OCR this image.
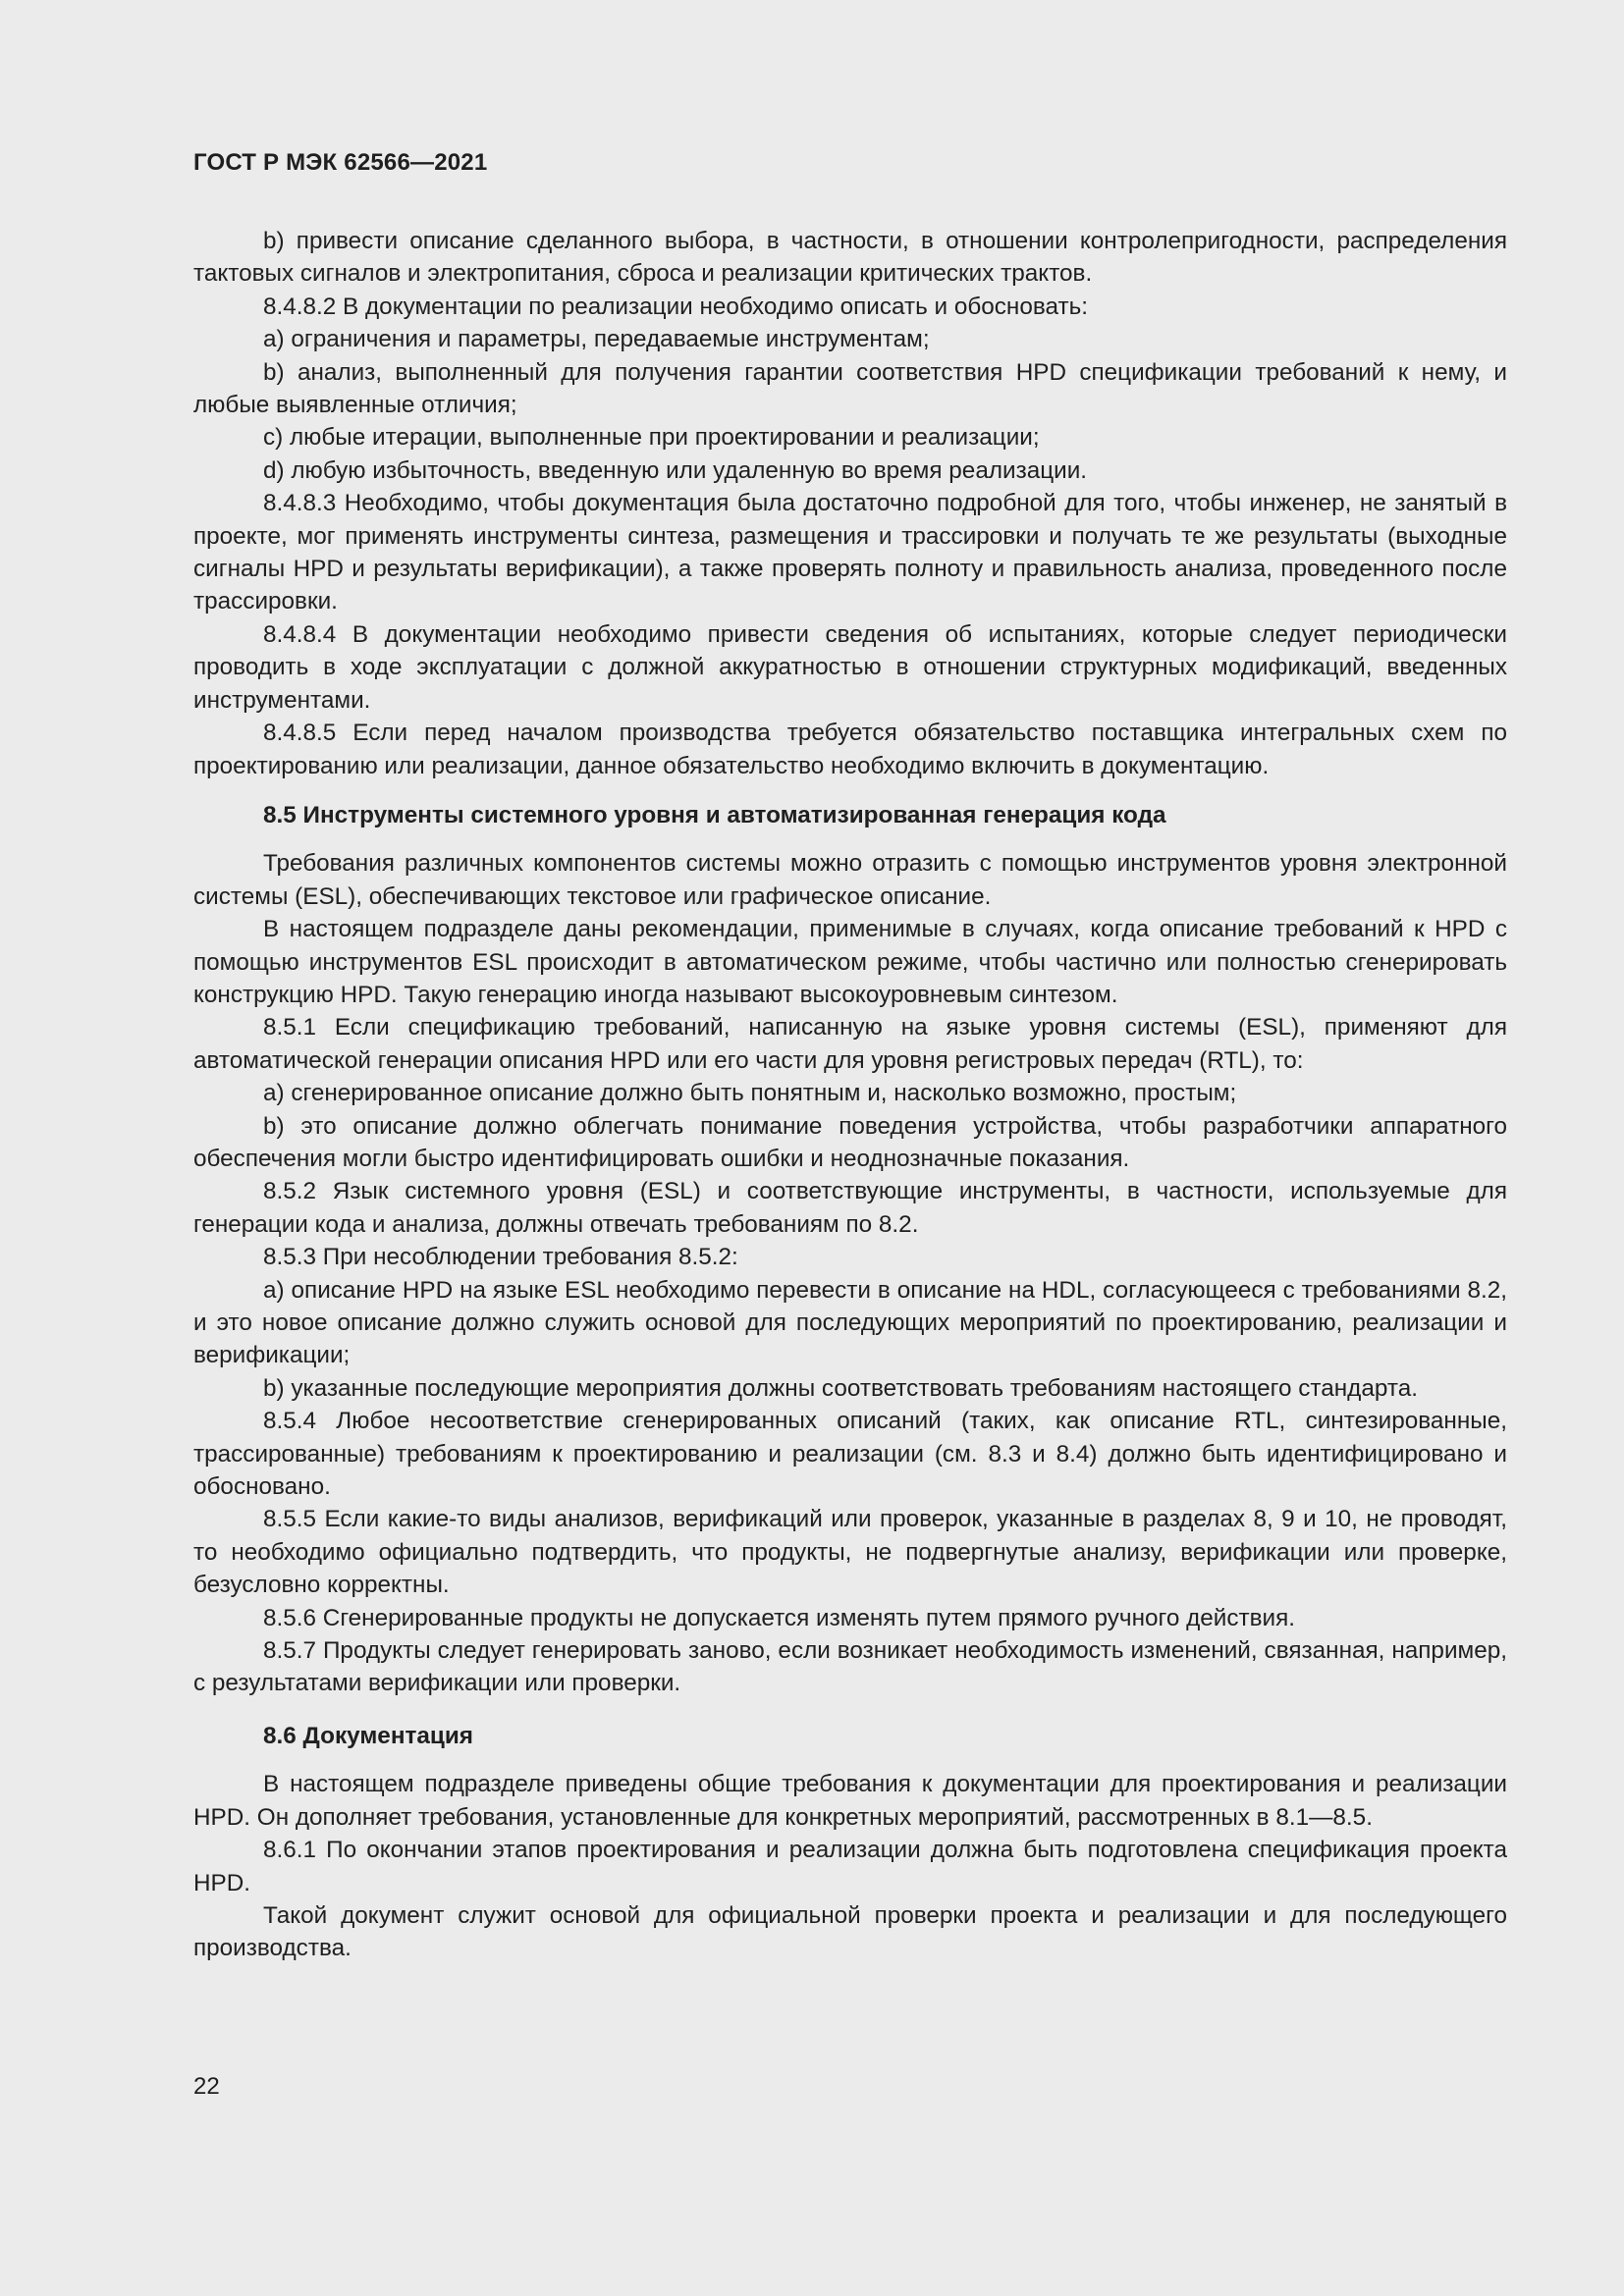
ГОСТ Р МЭК 62566—2021

b) привести описание сделанного выбора, в частности, в отношении контролепригодности, распределения тактовых сигналов и электропитания, сброса и реализации критических трактов.

8.4.8.2 В документации по реализации необходимо описать и обосновать:

a) ограничения и параметры, передаваемые инструментам;

b) анализ, выполненный для получения гарантии соответствия HPD спецификации требований к нему, и любые выявленные отличия;

c) любые итерации, выполненные при проектировании и реализации;

d) любую избыточность, введенную или удаленную во время реализации.

8.4.8.3 Необходимо, чтобы документация была достаточно подробной для того, чтобы инженер, не занятый в проекте, мог применять инструменты синтеза, размещения и трассировки и получать те же результаты (выходные сигналы HPD и результаты верификации), а также проверять полноту и правильность анализа, проведенного после трассировки.

8.4.8.4 В документации необходимо привести сведения об испытаниях, которые следует периодически проводить в ходе эксплуатации с должной аккуратностью в отношении структурных модификаций, введенных инструментами.

8.4.8.5 Если перед началом производства требуется обязательство поставщика интегральных схем по проектированию или реализации, данное обязательство необходимо включить в документацию.

8.5 Инструменты системного уровня и автоматизированная генерация кода

Требования различных компонентов системы можно отразить с помощью инструментов уровня электронной системы (ESL), обеспечивающих текстовое или графическое описание.

В настоящем подразделе даны рекомендации, применимые в случаях, когда описание требований к HPD с помощью инструментов ESL происходит в автоматическом режиме, чтобы частично или полностью сгенерировать конструкцию HPD. Такую генерацию иногда называют высокоуровневым синтезом.

8.5.1 Если спецификацию требований, написанную на языке уровня системы (ESL), применяют для автоматической генерации описания HPD или его части для уровня регистровых передач (RTL), то:

a) сгенерированное описание должно быть понятным и, насколько возможно, простым;

b) это описание должно облегчать понимание поведения устройства, чтобы разработчики аппаратного обеспечения могли быстро идентифицировать ошибки и неоднозначные показания.

8.5.2 Язык системного уровня (ESL) и соответствующие инструменты, в частности, используемые для генерации кода и анализа, должны отвечать требованиям по 8.2.

8.5.3 При несоблюдении требования 8.5.2:

a) описание HPD на языке ESL необходимо перевести в описание на HDL, согласующееся с требованиями 8.2, и это новое описание должно служить основой для последующих мероприятий по проектированию, реализации и верификации;

b) указанные последующие мероприятия должны соответствовать требованиям настоящего стандарта.

8.5.4 Любое несоответствие сгенерированных описаний (таких, как описание RTL, синтезированные, трассированные) требованиям к проектированию и реализации (см. 8.3 и 8.4) должно быть идентифицировано и обосновано.

8.5.5 Если какие-то виды анализов, верификаций или проверок, указанные в разделах 8, 9 и 10, не проводят, то необходимо официально подтвердить, что продукты, не подвергнутые анализу, верификации или проверке, безусловно корректны.

8.5.6 Сгенерированные продукты не допускается изменять путем прямого ручного действия.

8.5.7 Продукты следует генерировать заново, если возникает необходимость изменений, связанная, например, с результатами верификации или проверки.

8.6 Документация

В настоящем подразделе приведены общие требования к документации для проектирования и реализации HPD. Он дополняет требования, установленные для конкретных мероприятий, рассмотренных в 8.1—8.5.

8.6.1 По окончании этапов проектирования и реализации должна быть подготовлена спецификация проекта HPD.

Такой документ служит основой для официальной проверки проекта и реализации и для последующего производства.

22
